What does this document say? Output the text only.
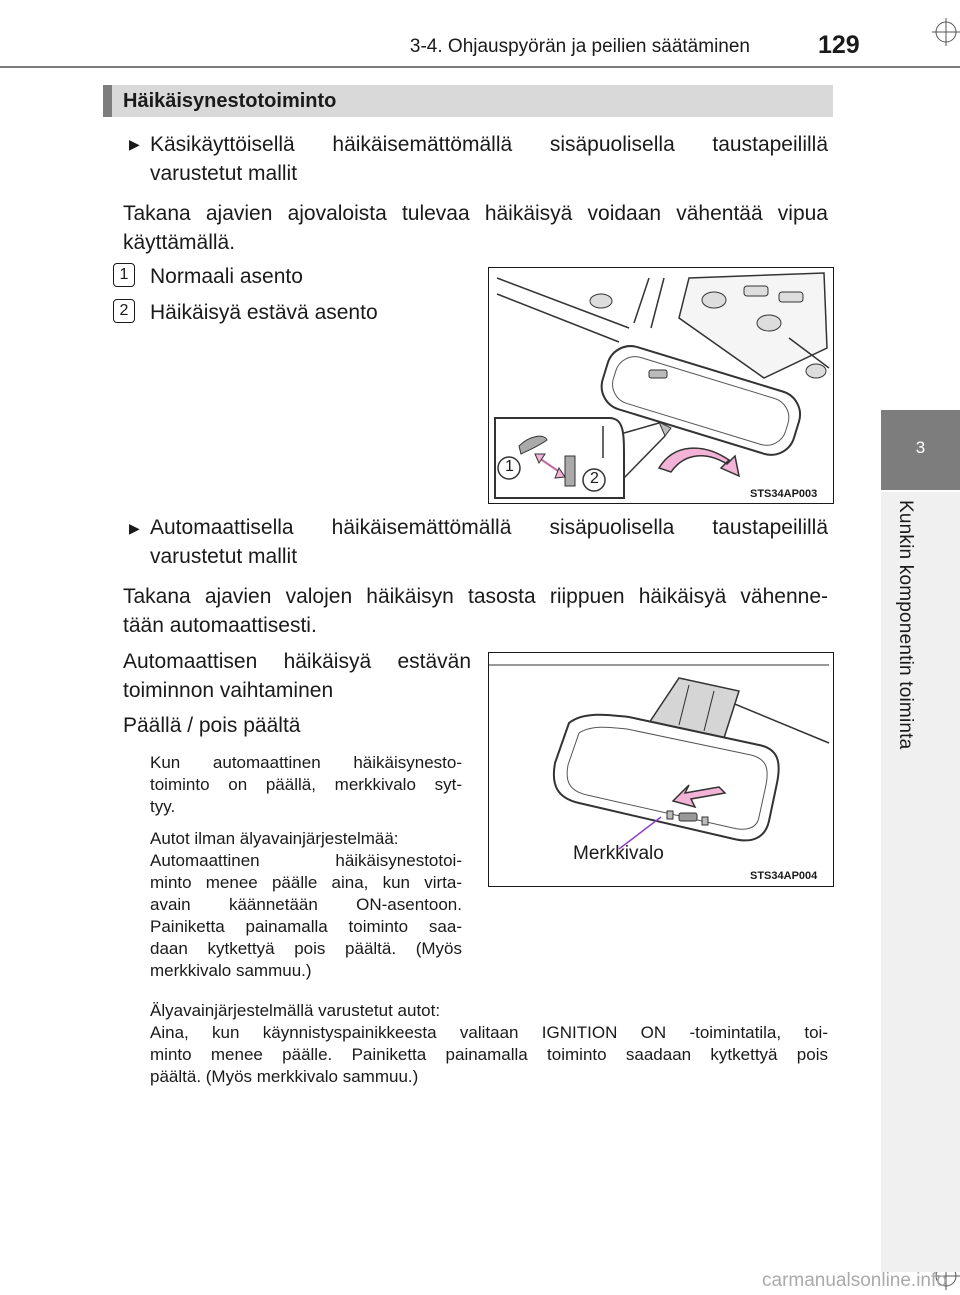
3-4. Ohjauspyörän ja peilien säätäminen	129
3
Kunkin komponentin toiminta
Häikäisynestotoiminto
▶ Käsikäyttöisellä häikäisemättömällä sisäpuolisella taustapeilillä
varustetut mallit
Takana ajavien ajovaloista tulevaa häikäisyä voidaan vähentää vipua
käyttämällä.
1	Normaali asento
2	Häikäisyä estävä asento
1
2
STS34AP003
▶ Automaattisella häikäisemättömällä sisäpuolisella taustapeilillä
varustetut mallit
Takana ajavien valojen häikäisyn tasosta riippuen häikäisyä vähenne-
tään automaattisesti.
Automaattisen häikäisyä estävän
toiminnon vaihtaminen
Päällä / pois päältä
Kun automaattinen häikäisynesto-
toiminto on päällä, merkkivalo syt-
tyy.
Autot ilman älyavainjärjestelmää:
Automaattinen häikäisynestotoi-
minto menee päälle aina, kun virta-
avain käännetään ON-asentoon.
Painiketta painamalla toiminto saa-
daan kytkettyä pois päältä. (Myös
merkkivalo sammuu.)
Älyavainjärjestelmällä varustetut autot:
Aina, kun käynnistyspainikkeesta valitaan IGNITION ON -toimintatila, toi-
minto menee päälle. Painiketta painamalla toiminto saadaan kytkettyä pois
päältä. (Myös merkkivalo sammuu.)
Merkkivalo
STS34AP004
carmanualsonline.info
